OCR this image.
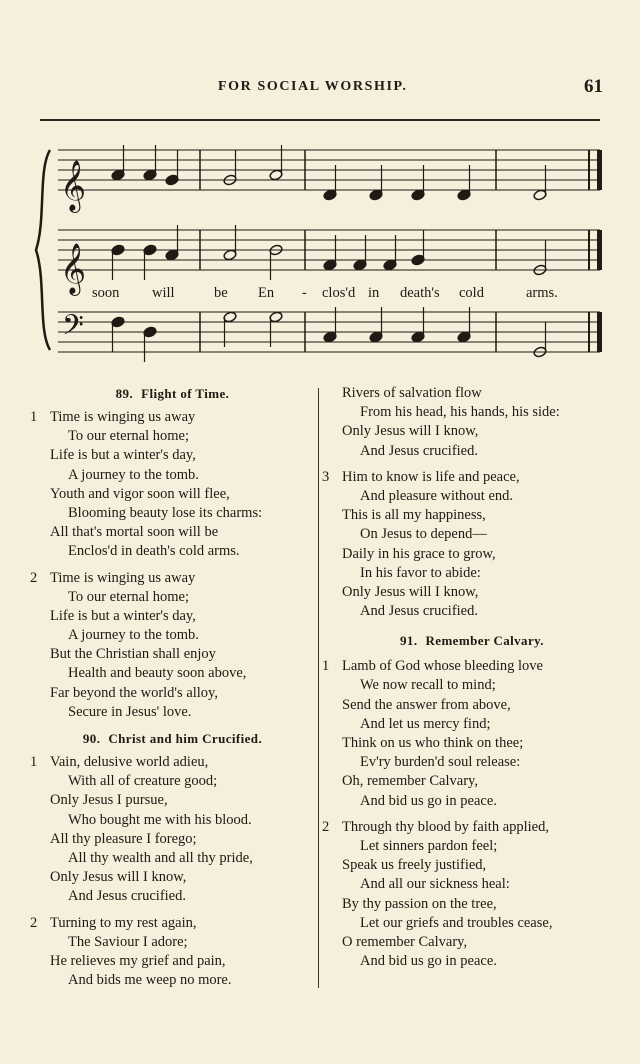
FOR SOCIAL WORSHIP.	61
𝄞
𝄞
𝄢
soon will	be En - clos'd in death's cold	arms.
89. Flight of Time.
1 Time is winging us away
To our eternal home;
Life is but a winter's day,
A journey to the tomb.
Youth and vigor soon will flee,
Blooming beauty lose its charms:
All that's mortal soon will be
Enclos'd in death's cold arms.
2 Time is winging us away
To our eternal home;
Life is but a winter's day,
A journey to the tomb.
But the Christian shall enjoy
Health and beauty soon above,
Far beyond the world's alloy,
Secure in Jesus' love.
90. Christ and him Crucified.
1 Vain, delusive world adieu,
With all of creature good;
Only Jesus I pursue,
Who bought me with his blood.
All thy pleasure I forego;
All thy wealth and all thy pride,
Only Jesus will I know,
And Jesus crucified.
2 Turning to my rest again,
The Saviour I adore;
He relieves my grief and pain,
And bids me weep no more.
Rivers of salvation flow
From his head, his hands, his side:
Only Jesus will I know,
And Jesus crucified.
3 Him to know is life and peace,
And pleasure without end.
This is all my happiness,
On Jesus to depend—
Daily in his grace to grow,
In his favor to abide:
Only Jesus will I know,
And Jesus crucified.
91. Remember Calvary.
1 Lamb of God whose bleeding love
We now recall to mind;
Send the answer from above,
And let us mercy find;
Think on us who think on thee;
Ev'ry burden'd soul release:
Oh, remember Calvary,
And bid us go in peace.
2 Through thy blood by faith applied,
Let sinners pardon feel;
Speak us freely justified,
And all our sickness heal:
By thy passion on the tree,
Let our griefs and troubles cease,
O remember Calvary,
And bid us go in peace.
